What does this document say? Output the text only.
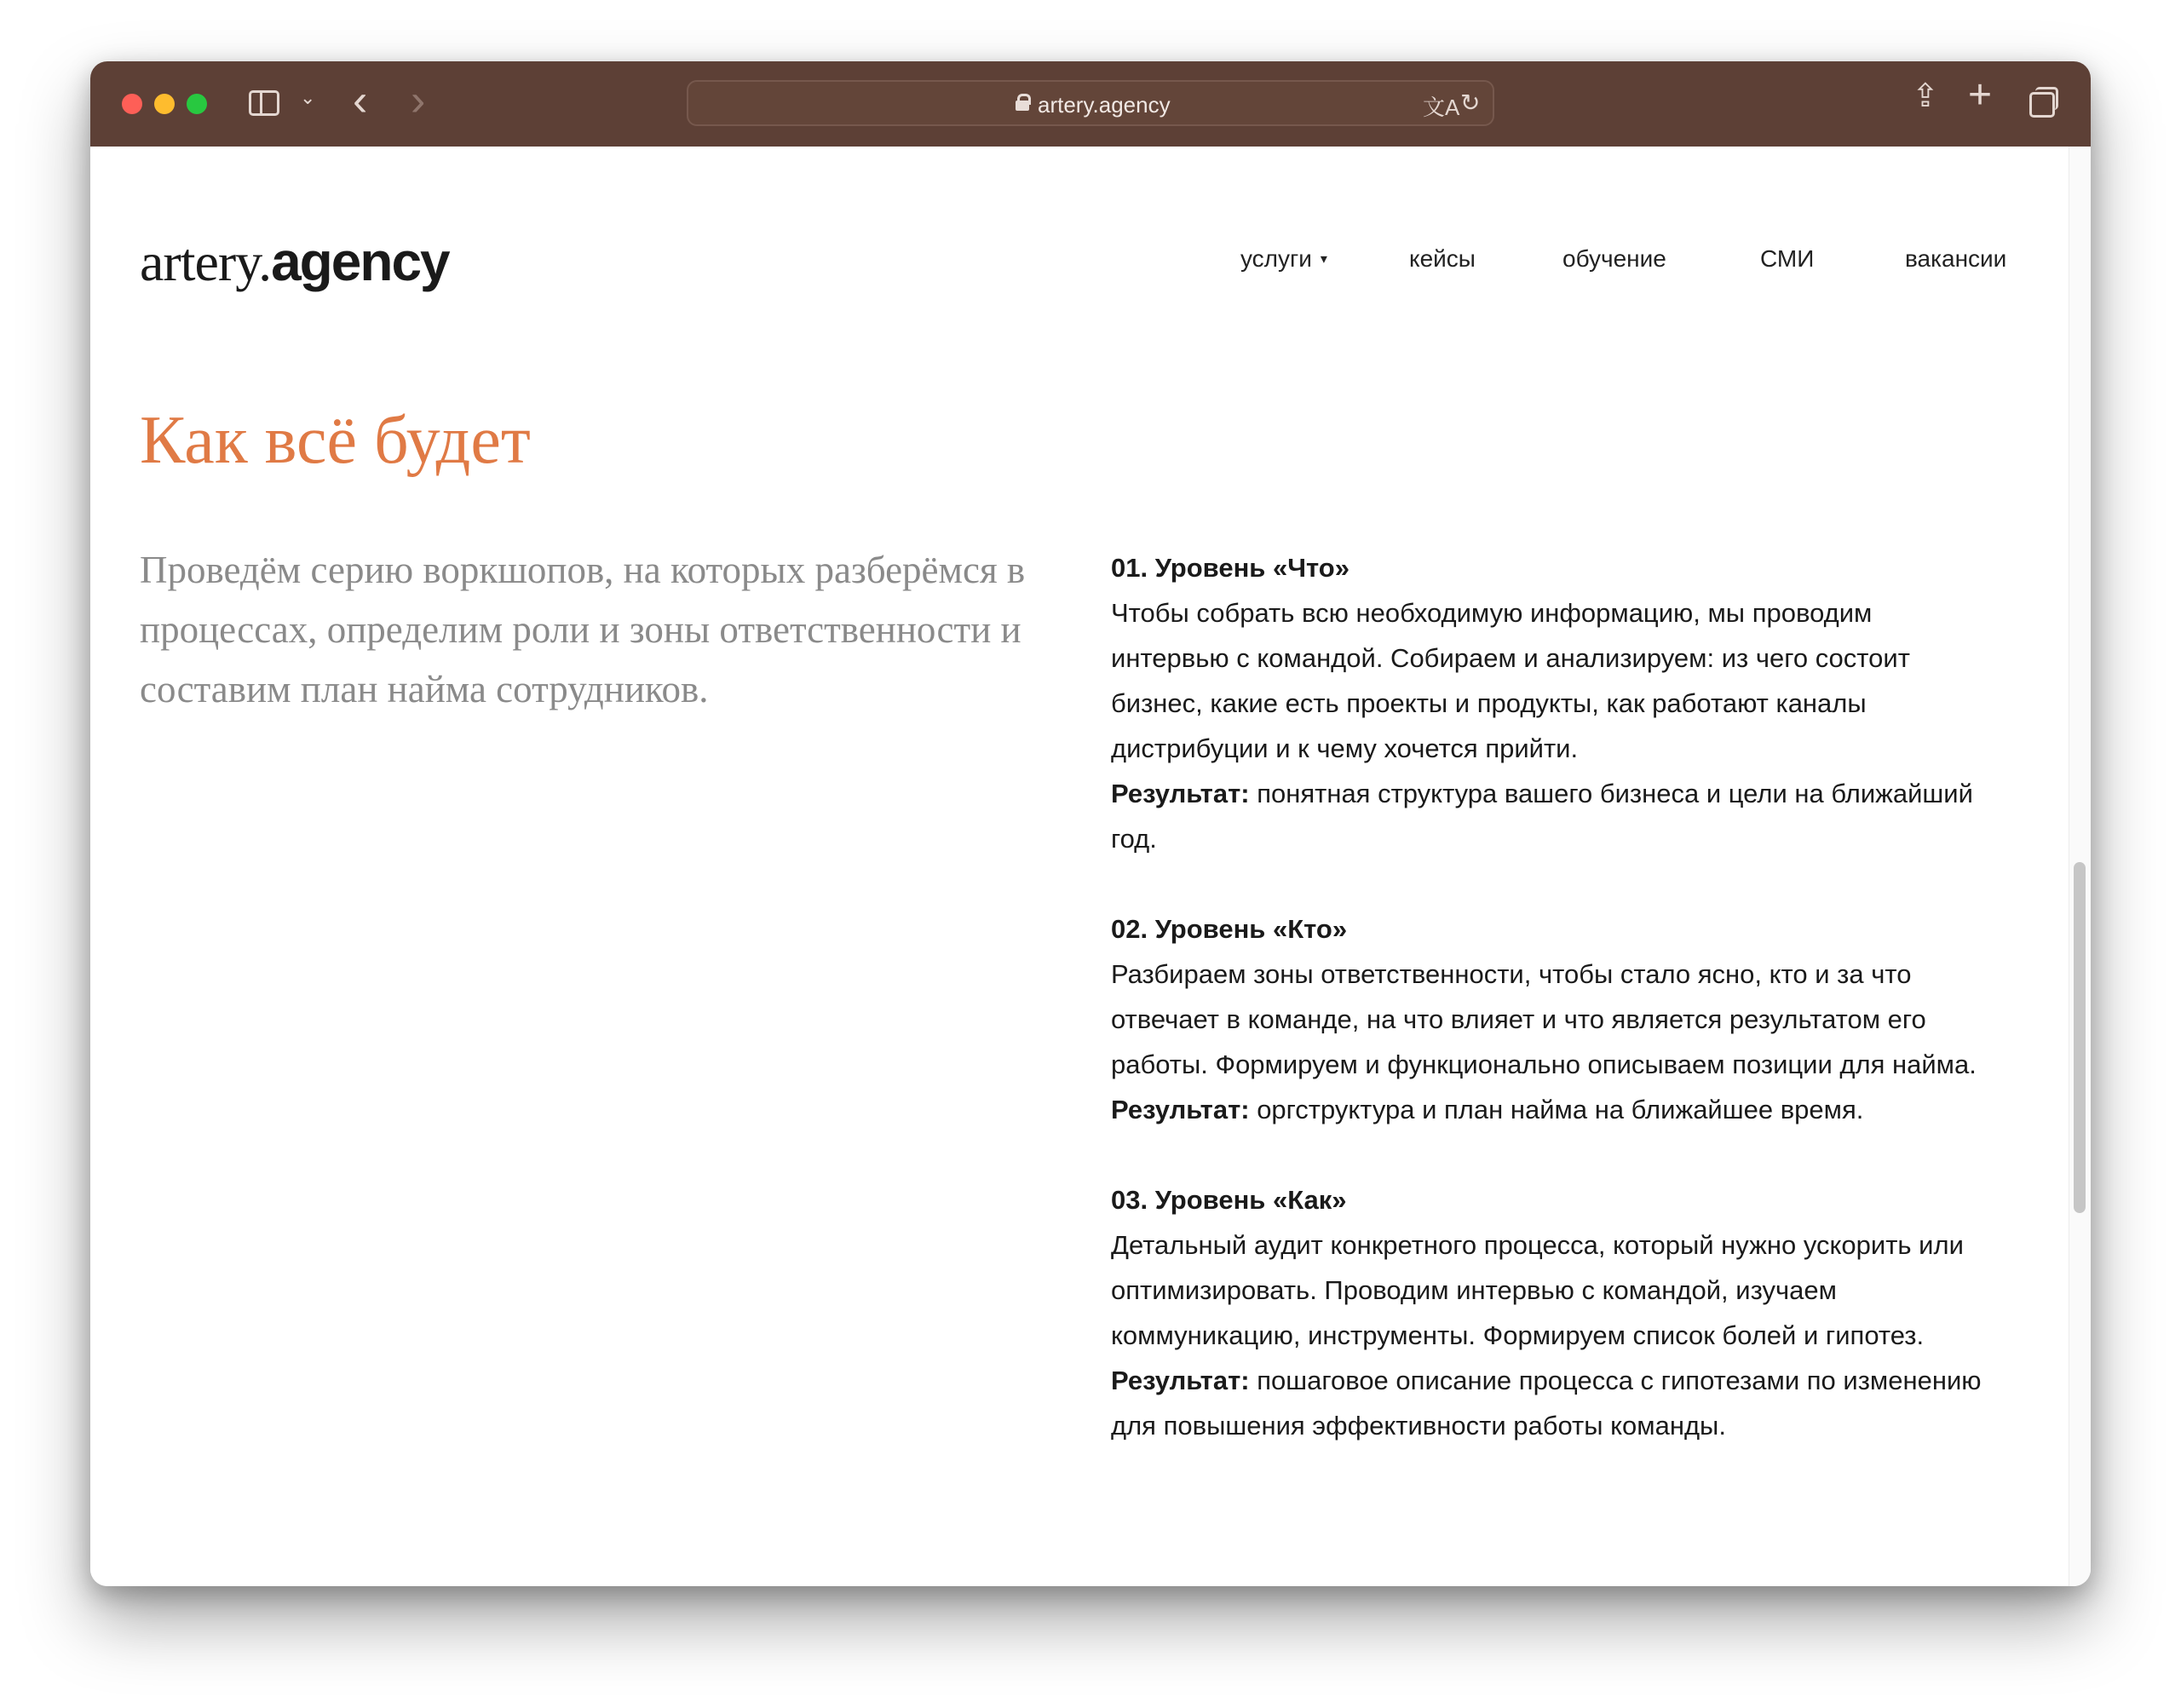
⌄ ‹ ›	artery.agency	文A ↻	⇪ +
artery.agency	услуги ▾	кейсы	обучение	СМИ	вакансии
Как всё будет

Проведём серию воркшопов, на которых разберёмся в процессах, определим роли и зоны ответственности и составим план найма сотрудников.

01. Уровень «Что»
Чтобы собрать всю необходимую информацию, мы проводим интервью с командой. Собираем и анализируем: из чего состоит бизнес, какие есть проекты и продукты, как работают каналы дистрибуции и к чему хочется прийти.
Результат: понятная структура вашего бизнеса и цели на ближайший год.
02. Уровень «Кто»
Разбираем зоны ответственности, чтобы стало ясно, кто и за что отвечает в команде, на что влияет и что является результатом его работы. Формируем и функционально описываем позиции для найма.
Результат: оргструктура и план найма на ближайшее время.
03. Уровень «Как»
Детальный аудит конкретного процесса, который нужно ускорить или оптимизировать. Проводим интервью с командой, изучаем коммуникацию, инструменты. Формируем список болей и гипотез.
Результат: пошаговое описание процесса с гипотезами по изменению для повышения эффективности работы команды.
